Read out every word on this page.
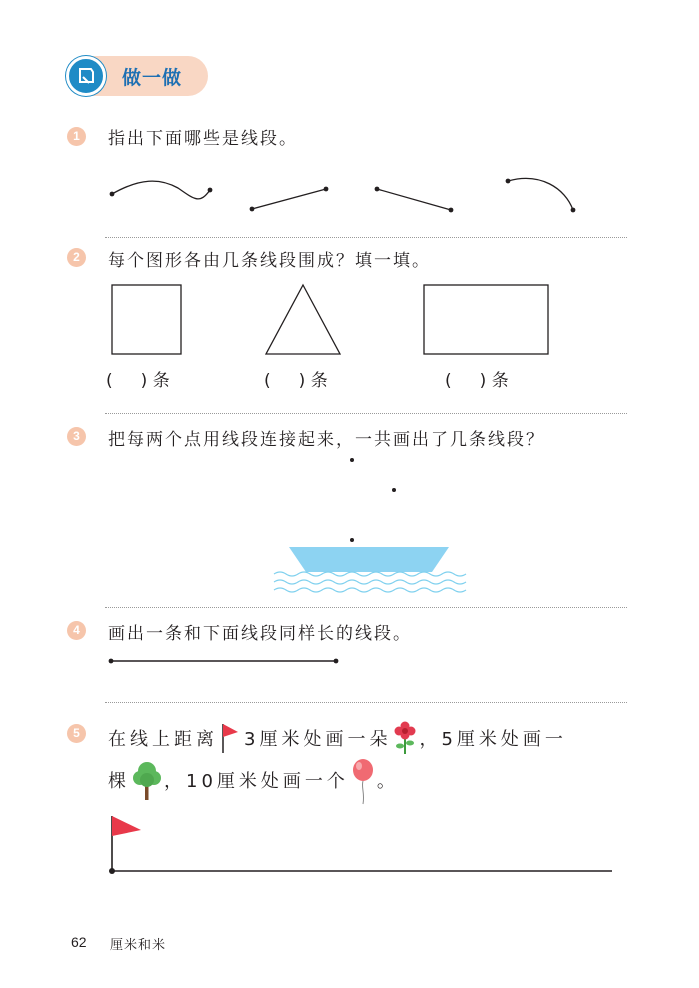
做一做
1	指出下面哪些是线段。
2	每个图形各由几条线段围成？填一填。
( ) 条	( ) 条	( ) 条
3	把每两个点用线段连接起来，一共画出了几条线段？
4	画出一条和下面线段同样长的线段。
5	在线上距离 3厘米处画一朵 ，5厘米处画一
棵 ，10厘米处画一个 。
62 厘米和米
